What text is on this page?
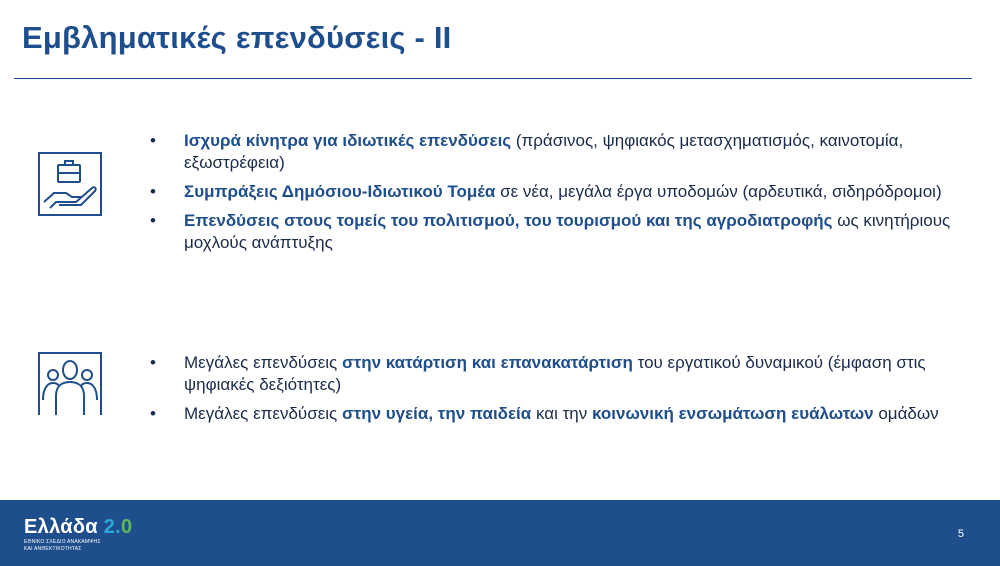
Εμβληματικές επενδύσεις - II
• Ισχυρά κίνητρα για ιδιωτικές επενδύσεις (πράσινος, ψηφιακός μετασχηματισμός, καινοτομία, εξωστρέφεια)
• Συμπράξεις Δημόσιου-Ιδιωτικού Τομέα σε νέα, μεγάλα έργα υποδομών (αρδευτικά, σιδηρόδρομοι)
• Επενδύσεις στους τομείς του πολιτισμού, του τουρισμού και της αγροδιατροφής ως κινητήριους μοχλούς ανάπτυξης
• Μεγάλες επενδύσεις στην κατάρτιση και επανακατάρτιση του εργατικού δυναμικού (έμφαση στις ψηφιακές δεξιότητες)
• Μεγάλες επενδύσεις στην υγεία, την παιδεία και την κοινωνική ενσωμάτωση ευάλωτων ομάδων
Ελλάδα 2.0
ΕΘΝΙΚΟ ΣΧΕΔΙΟ ΑΝΑΚΑΜΨΗΣ
ΚΑΙ ΑΝΘΕΚΤΙΚΟΤΗΤΑΣ
5
